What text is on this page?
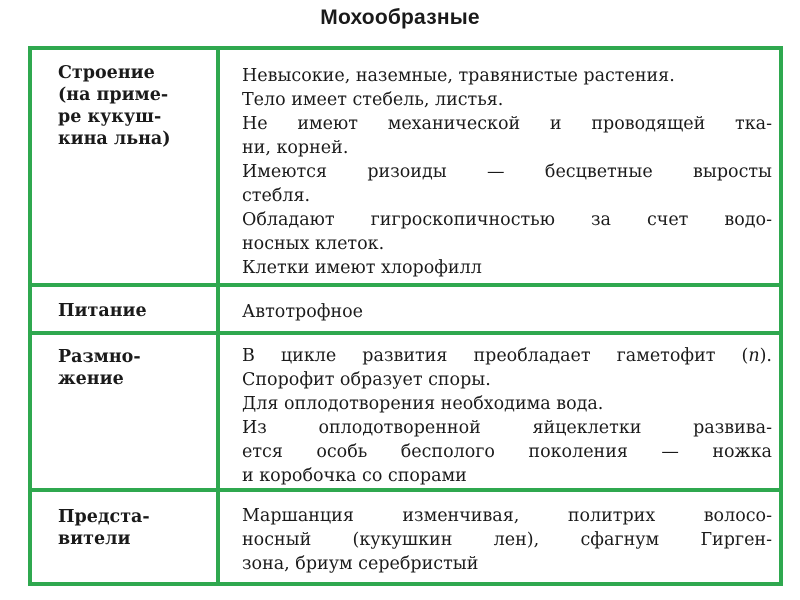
Мохообразные
Строение
(на приме-
ре кукуш-
кина льна)
Невысокие, наземные, травянистые растения.
Тело имеет стебель, листья.
Не имеют механической и проводящей тка-
ни, корней.
Имеются ризоиды — бесцветные выросты
стебля.
Обладают гигроскопичностью за счет водо-
носных клеток.
Клетки имеют хлорофилл
Питание	Автотрофное
Размно-
жение
В цикле развития преобладает гаметофит (n).
Спорофит образует споры.
Для оплодотворения необходима вода.
Из оплодотворенной яйцеклетки развива-
ется особь бесполого поколения — ножка
и коробочка со спорами
Предста-
вители
Маршанция изменчивая, политрих волосо-
носный (кукушкин лен), сфагнум Гирген-
зона, бриум серебристый
